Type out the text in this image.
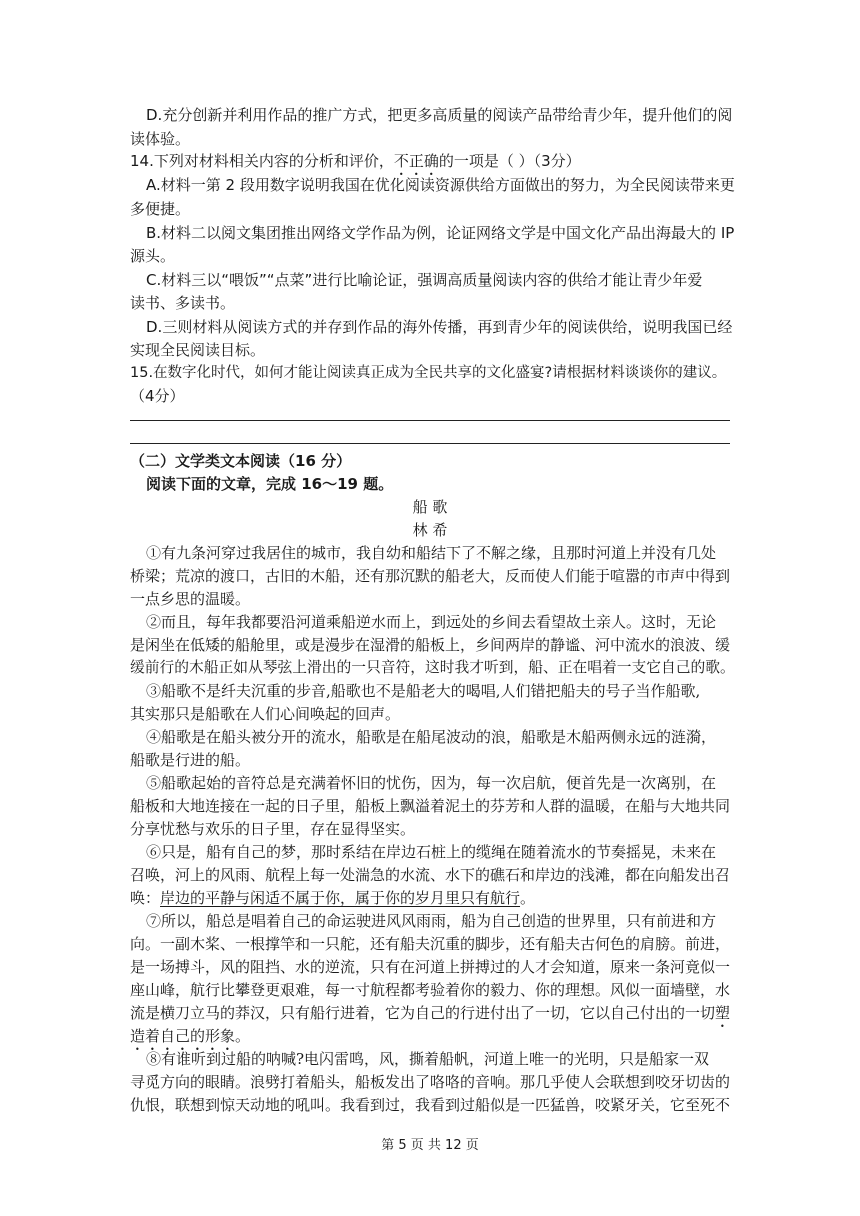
D.充分创新并利用作品的推广方式，把更多高质量的阅读产品带给青少年，提升他们的阅
读体验。
14.下列对材料相关内容的分析和评价，不正确的一项是（ ）（3分）
A.材料一第 2 段用数字说明我国在优化阅读资源供给方面做出的努力，为全民阅读带来更
多便捷。
B.材料二以阅文集团推出网络文学作品为例，论证网络文学是中国文化产品出海最大的 IP
源头。
C.材料三以“喂饭”“点菜”进行比喻论证，强调高质量阅读内容的供给才能让青少年爱
读书、多读书。
D.三则材料从阅读方式的并存到作品的海外传播，再到青少年的阅读供给，说明我国已经
实现全民阅读目标。
15.在数字化时代，如何才能让阅读真正成为全民共享的文化盛宴?请根据材料谈谈你的建议。
（4分）
（二）文学类文本阅读（16 分）
阅读下面的文章，完成 16～19 题。
船 歌
林 希
①有九条河穿过我居住的城市，我自幼和船结下了不解之缘，且那时河道上并没有几处
桥梁；荒凉的渡口，古旧的木船，还有那沉默的船老大，反而使人们能于喧嚣的市声中得到
一点乡思的温暖。
②而且，每年我都要沿河道乘船逆水而上，到远处的乡间去看望故土亲人。这时，无论
是闲坐在低矮的船舱里，或是漫步在湿滑的船板上，乡间两岸的静谧、河中流水的浪波、缓
缓前行的木船正如从琴弦上滑出的一只音符，这时我才听到，船、正在唱着一支它自己的歌。
③船歌不是纤夫沉重的步音,船歌也不是船老大的喝唱,人们错把船夫的号子当作船歌,
其实那只是船歌在人们心间唤起的回声。
④船歌是在船头被分开的流水，船歌是在船尾波动的浪，船歌是木船两侧永远的涟漪，
船歌是行进的船。
⑤船歌起始的音符总是充满着怀旧的忧伤，因为，每一次启航，便首先是一次离别，在
船板和大地连接在一起的日子里，船板上飘溢着泥土的芬芳和人群的温暖，在船与大地共同
分享忧愁与欢乐的日子里，存在显得坚实。
⑥只是，船有自己的梦，那时系结在岸边石桩上的缆绳在随着流水的节奏摇晃，未来在
召唤，河上的风雨、航程上每一处湍急的水流、水下的礁石和岸边的浅滩，都在向船发出召
唤：岸边的平静与闲适不属于你，属于你的岁月里只有航行。
⑦所以，船总是唱着自己的命运驶进风风雨雨，船为自己创造的世界里，只有前进和方
向。一副木桨、一根撑竿和一只舵，还有船夫沉重的脚步，还有船夫古何色的肩膀。前进，
是一场搏斗，风的阻挡、水的逆流，只有在河道上拼搏过的人才会知道，原来一条河竟似一
座山峰，航行比攀登更艰难，每一寸航程都考验着你的毅力、你的理想。风似一面墙壁，水
流是横刀立马的莽汉，只有船行进着，它为自己的行进付出了一切，它以自己付出的一切塑
造着自己的形象。
⑧有谁听到过船的呐喊?电闪雷鸣，风，撕着船帆，河道上唯一的光明，只是船家一双
寻觅方向的眼睛。浪劈打着船头，船板发出了咯咯的音响。那几乎使人会联想到咬牙切齿的
仇恨，联想到惊天动地的吼叫。我看到过，我看到过船似是一匹猛兽，咬紧牙关，它至死不
第 5 页 共 12 页
